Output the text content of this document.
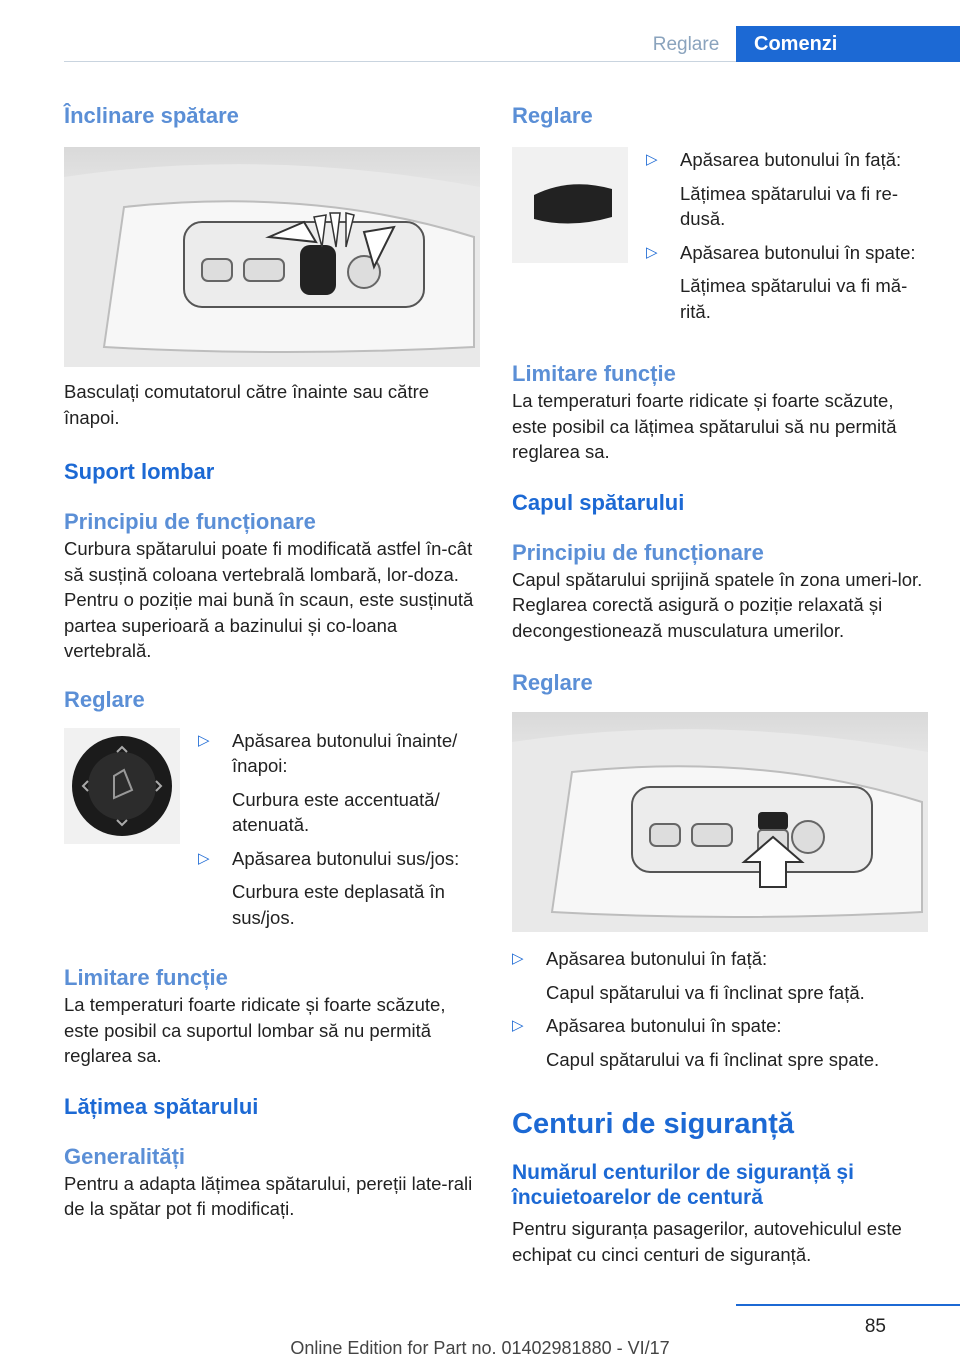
Reglare	Comenzi
Înclinare spătare

Basculați comutatorul către înainte sau către înapoi.

Suport lombar
Principiu de funcționare

Curbura spătarului poate fi modificată astfel în-cât să susțină coloana vertebrală lombară, lor-doza. Pentru o poziție mai bună în scaun, este susținută partea superioară a bazinului și co-loana vertebrală.

Reglare
▷ Apăsarea butonului înainte/ înapoi:
Curbura este accentuată/ atenuată.
▷ Apăsarea butonului sus/jos:
Curbura este deplasată în sus/jos.
Limitare funcție

La temperaturi foarte ridicate și foarte scăzute, este posibil ca suportul lombar să nu permită reglarea sa.

Lățimea spătarului
Generalități

Pentru a adapta lățimea spătarului, pereții late-rali de la spătar pot fi modificați.

Reglare
▷ Apăsarea butonului în față:
Lățimea spătarului va fi re-dusă.
▷ Apăsarea butonului în spate:
Lățimea spătarului va fi mă-rită.
Limitare funcție

La temperaturi foarte ridicate și foarte scăzute, este posibil ca lățimea spătarului să nu permită reglarea sa.

Capul spătarului
Principiu de funcționare

Capul spătarului sprijină spatele în zona umeri-lor. Reglarea corectă asigură o poziție relaxată și decongestionează musculatura umerilor.

Reglare
▷ Apăsarea butonului în față:
Capul spătarului va fi înclinat spre față.
▷ Apăsarea butonului în spate:
Capul spătarului va fi înclinat spre spate.
Centuri de siguranță
Numărul centurilor de siguranță și încuietoarelor de centură

Pentru siguranța pasagerilor, autovehiculul este echipat cu cinci centuri de siguranță.

85
Online Edition for Part no. 01402981880 - VI/17
